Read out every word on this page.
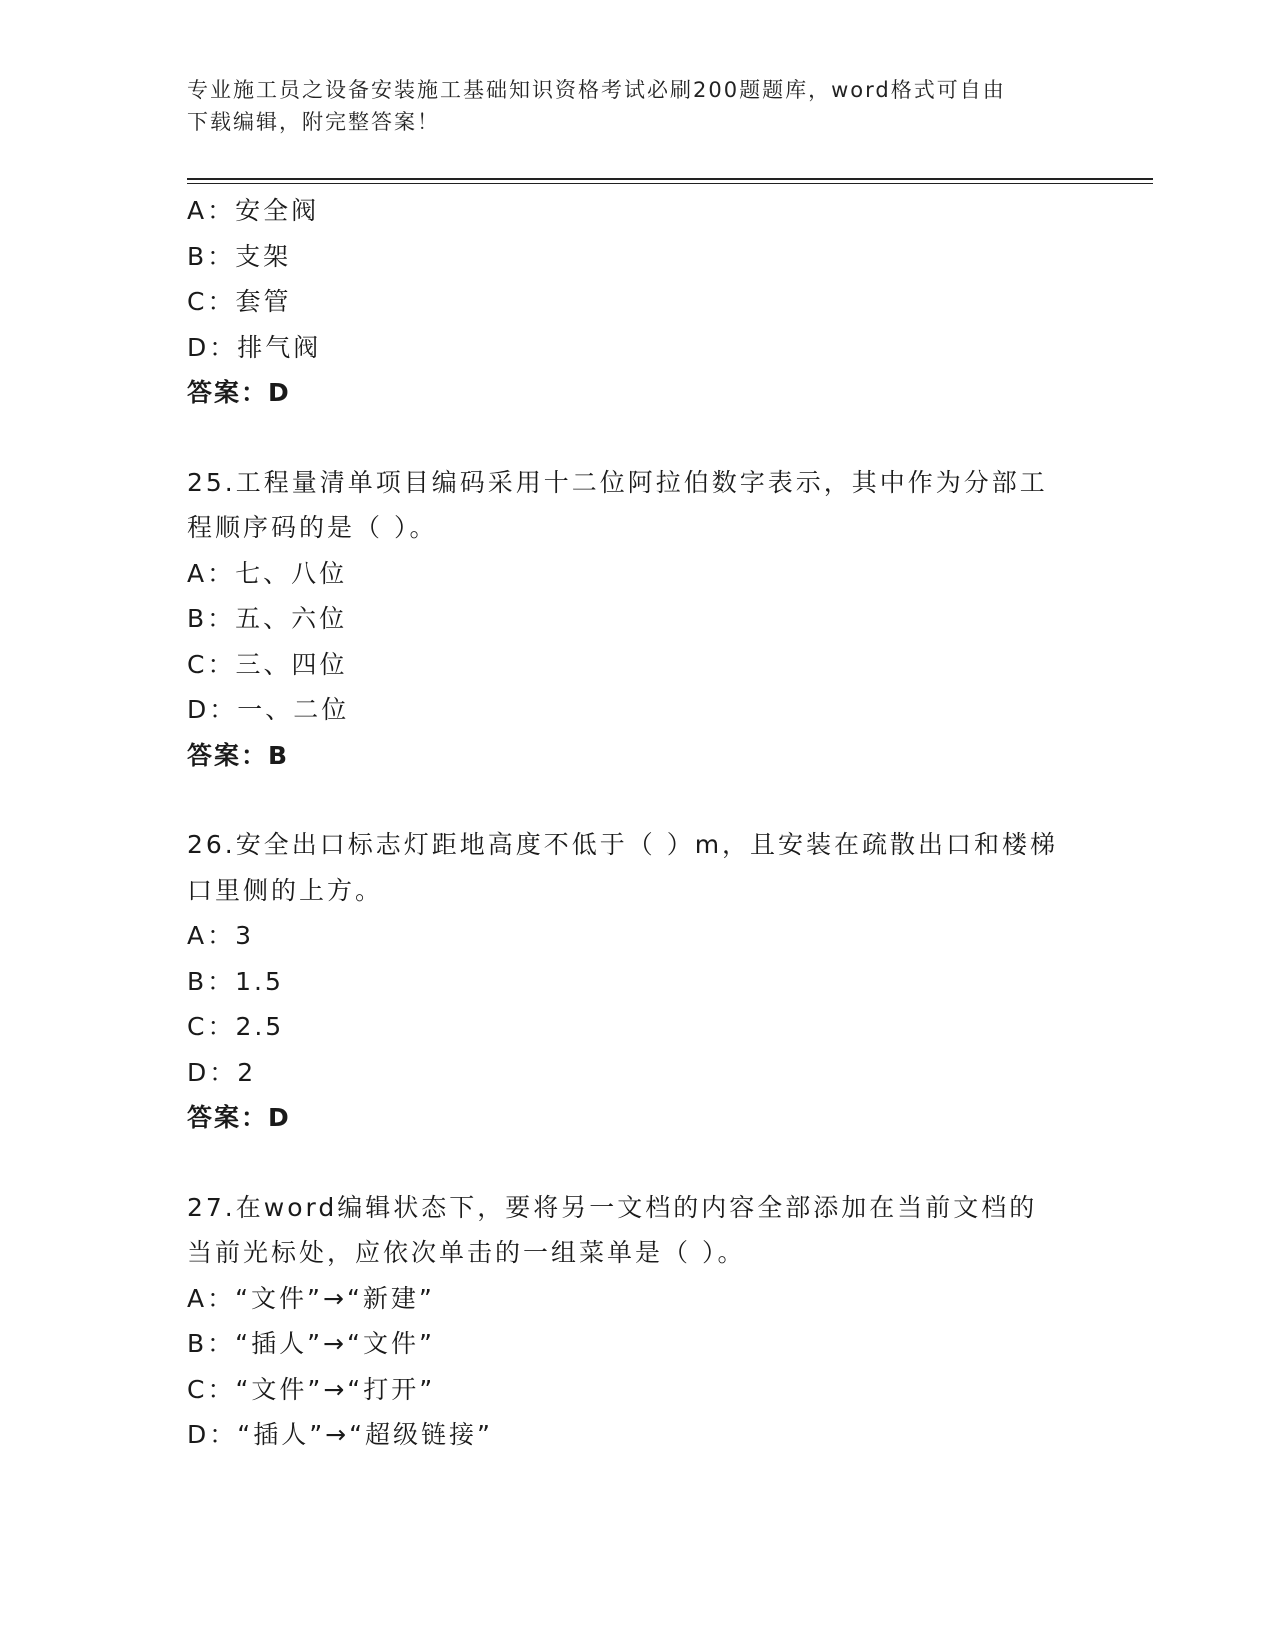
专业施工员之设备安装施工基础知识资格考试必刷200题题库，word格式可自由
下载编辑，附完整答案！
A：安全阀
B：支架
C：套管
D：排气阀
答案：D
25.工程量清单项目编码采用十二位阿拉伯数字表示，其中作为分部工
程顺序码的是（ ）。
A：七、八位
B：五、六位
C：三、四位
D：一、二位
答案：B
26.安全出口标志灯距地高度不低于（ ）m，且安装在疏散出口和楼梯
口里侧的上方。
A：3
B：1.5
C：2.5
D：2
答案：D
27.在word编辑状态下，要将另一文档的内容全部添加在当前文档的
当前光标处，应依次单击的一组菜单是（ ）。
A：“文件”→“新建”
B：“插人”→“文件”
C：“文件”→“打开”
D：“插人”→“超级链接”
